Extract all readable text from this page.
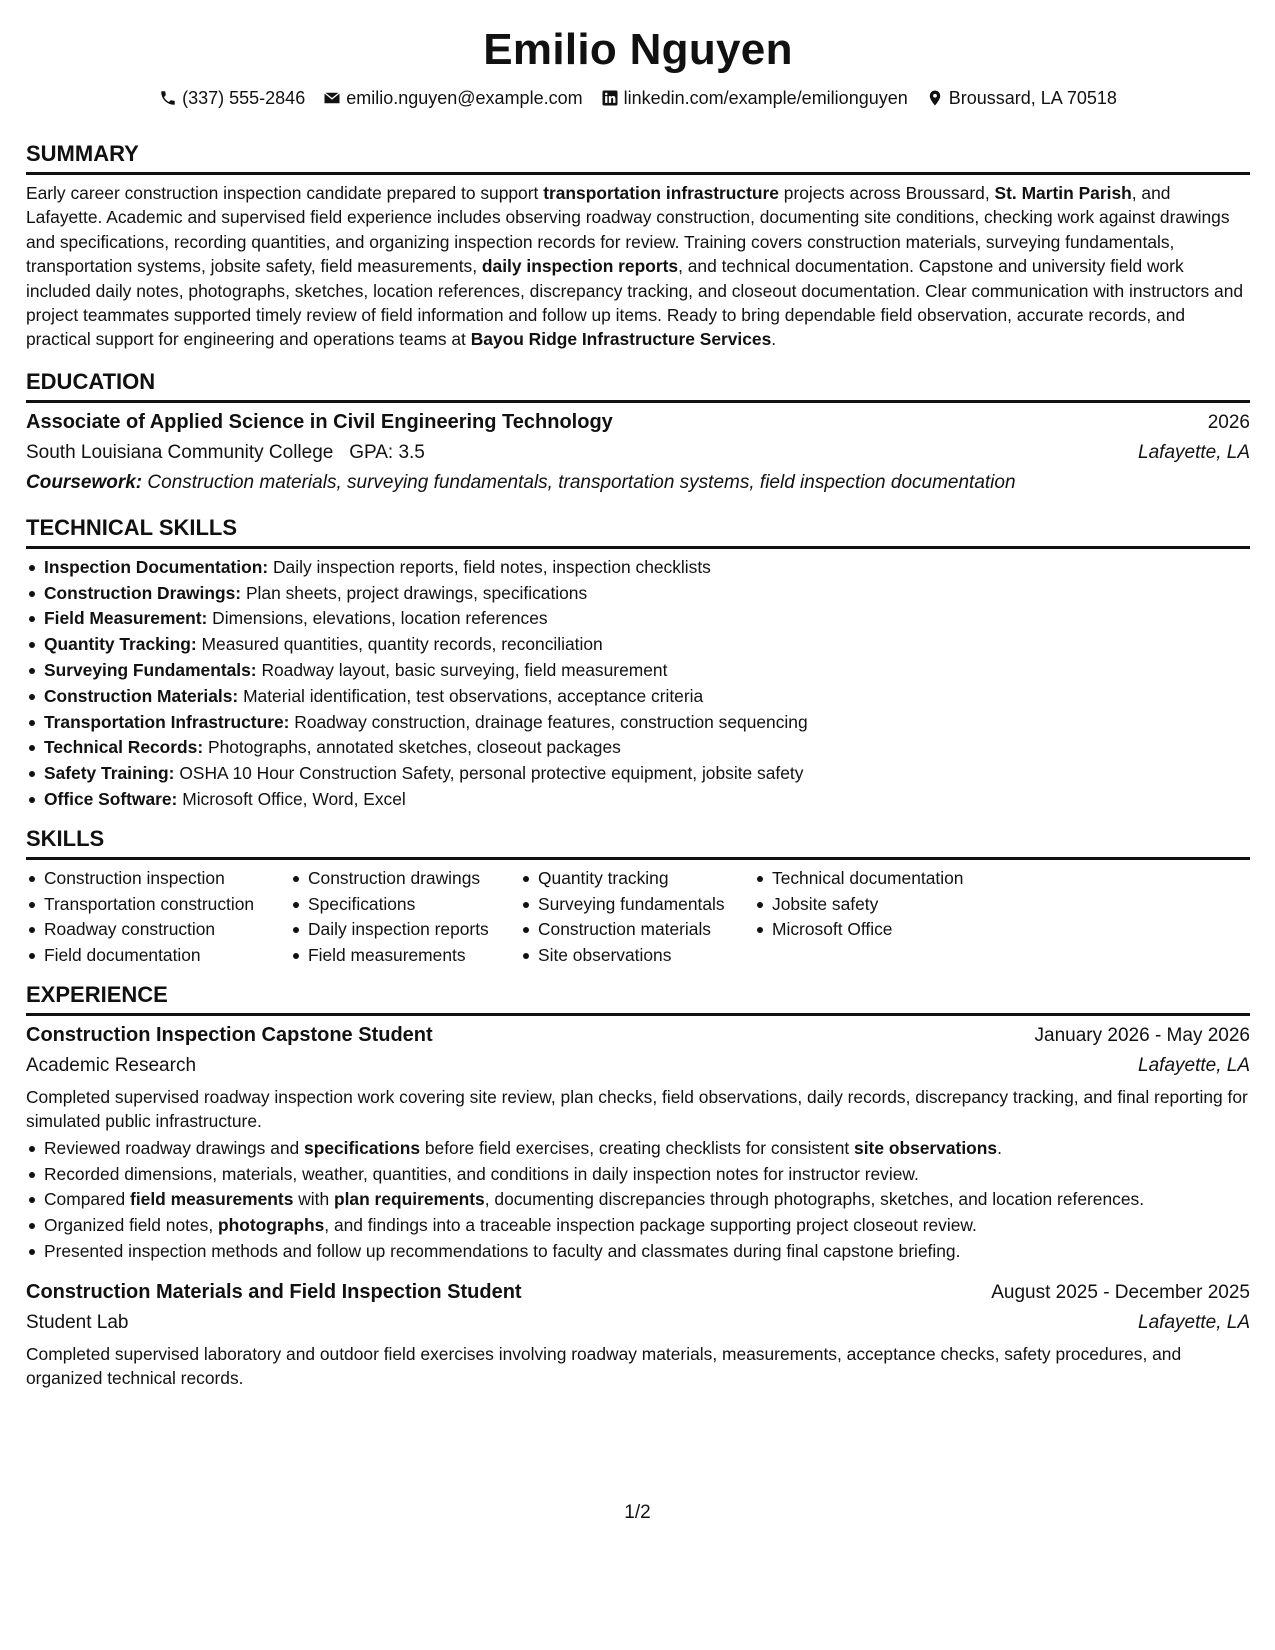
Emilio Nguyen
(337) 555-2846 emilio.nguyen@example.com linkedin.com/example/emilionguyen Broussard, LA 70518
SUMMARY
Early career construction inspection candidate prepared to support transportation infrastructure projects across Broussard, St. Martin Parish, and Lafayette. Academic and supervised field experience includes observing roadway construction, documenting site conditions, checking work against drawings and specifications, recording quantities, and organizing inspection records for review. Training covers construction materials, surveying fundamentals, transportation systems, jobsite safety, field measurements, daily inspection reports, and technical documentation. Capstone and university field work included daily notes, photographs, sketches, location references, discrepancy tracking, and closeout documentation. Clear communication with instructors and project teammates supported timely review of field information and follow up items. Ready to bring dependable field observation, accurate records, and practical support for engineering and operations teams at Bayou Ridge Infrastructure Services.
EDUCATION
Associate of Applied Science in Civil Engineering Technology	2026
South Louisiana Community College GPA: 3.5	Lafayette, LA
Coursework: Construction materials, surveying fundamentals, transportation systems, field inspection documentation
TECHNICAL SKILLS
Inspection Documentation: Daily inspection reports, field notes, inspection checklists
Construction Drawings: Plan sheets, project drawings, specifications
Field Measurement: Dimensions, elevations, location references
Quantity Tracking: Measured quantities, quantity records, reconciliation
Surveying Fundamentals: Roadway layout, basic surveying, field measurement
Construction Materials: Material identification, test observations, acceptance criteria
Transportation Infrastructure: Roadway construction, drainage features, construction sequencing
Technical Records: Photographs, annotated sketches, closeout packages
Safety Training: OSHA 10 Hour Construction Safety, personal protective equipment, jobsite safety
Office Software: Microsoft Office, Word, Excel
SKILLS
Construction inspection
Transportation construction
Roadway construction
Field documentation
Construction drawings
Specifications
Daily inspection reports
Field measurements
Quantity tracking
Surveying fundamentals
Construction materials
Site observations
Technical documentation
Jobsite safety
Microsoft Office
EXPERIENCE
Construction Inspection Capstone Student	January 2026 - May 2026
Academic Research	Lafayette, LA
Completed supervised roadway inspection work covering site review, plan checks, field observations, daily records, discrepancy tracking, and final reporting for simulated public infrastructure.
Reviewed roadway drawings and specifications before field exercises, creating checklists for consistent site observations.
Recorded dimensions, materials, weather, quantities, and conditions in daily inspection notes for instructor review.
Compared field measurements with plan requirements, documenting discrepancies through photographs, sketches, and location references.
Organized field notes, photographs, and findings into a traceable inspection package supporting project closeout review.
Presented inspection methods and follow up recommendations to faculty and classmates during final capstone briefing.
Construction Materials and Field Inspection Student	August 2025 - December 2025
Student Lab	Lafayette, LA
Completed supervised laboratory and outdoor field exercises involving roadway materials, measurements, acceptance checks, safety procedures, and organized technical records.
1/2
